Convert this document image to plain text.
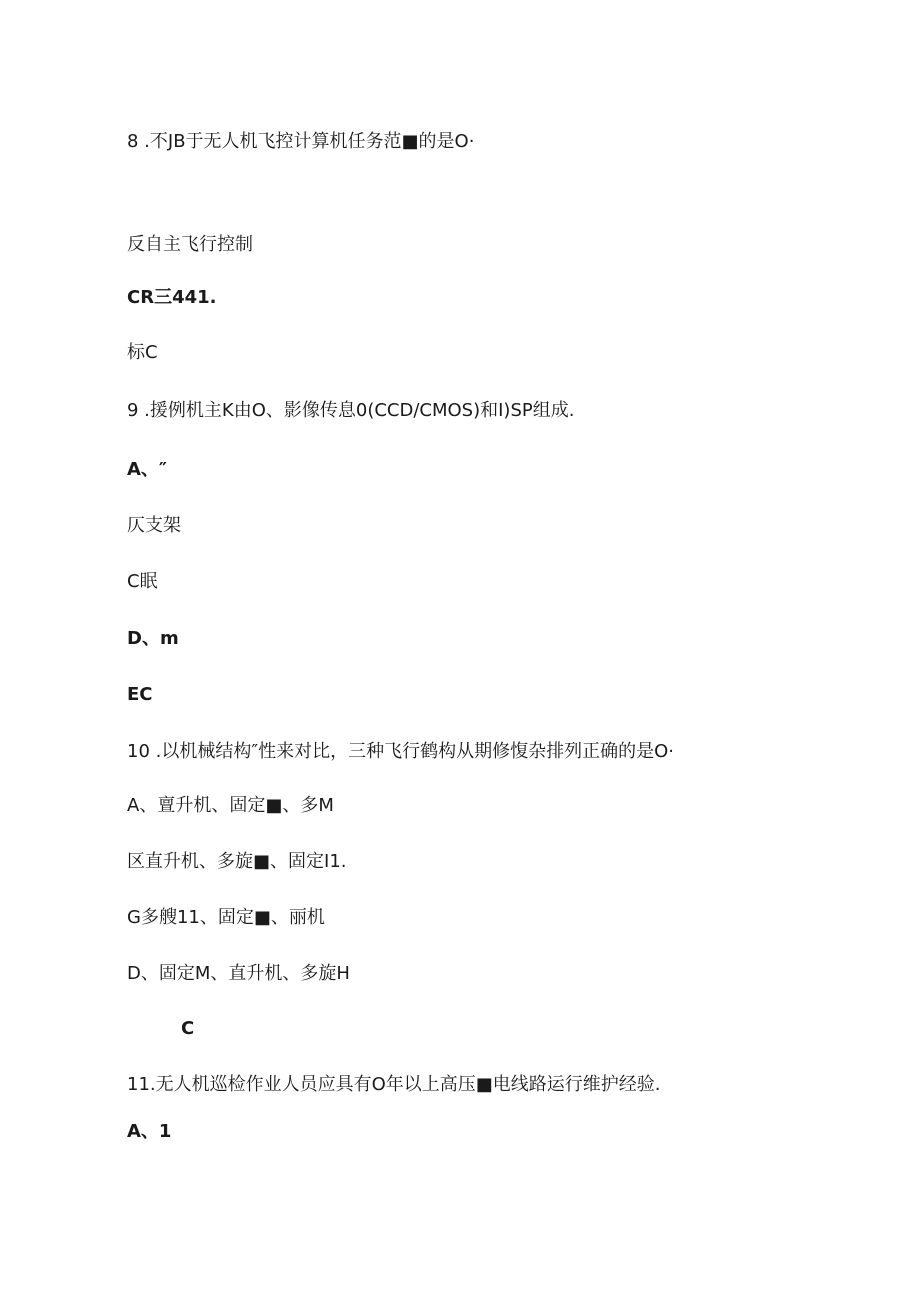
8 .不JB于无人机飞控计算机任务范■的是O·
反自主飞行控制
CR三441.
标C
9 .援例机主K由O、影像传息0(CCD/CMOS)和I)SP组成.
A、″
仄支架
C眠
D、m
EC
10 .以机械结构″性来对比，三种飞行鹤构从期修愎杂排列正确的是O·
A、亶升机、固定■、多M
区直升机、多旋■、固定I1.
G多艘11、固定■、丽机
D、固定M、直升机、多旋H
C
11.无人机巡检作业人员应具有O年以上高压■电线路运行维护经验.
A、1
